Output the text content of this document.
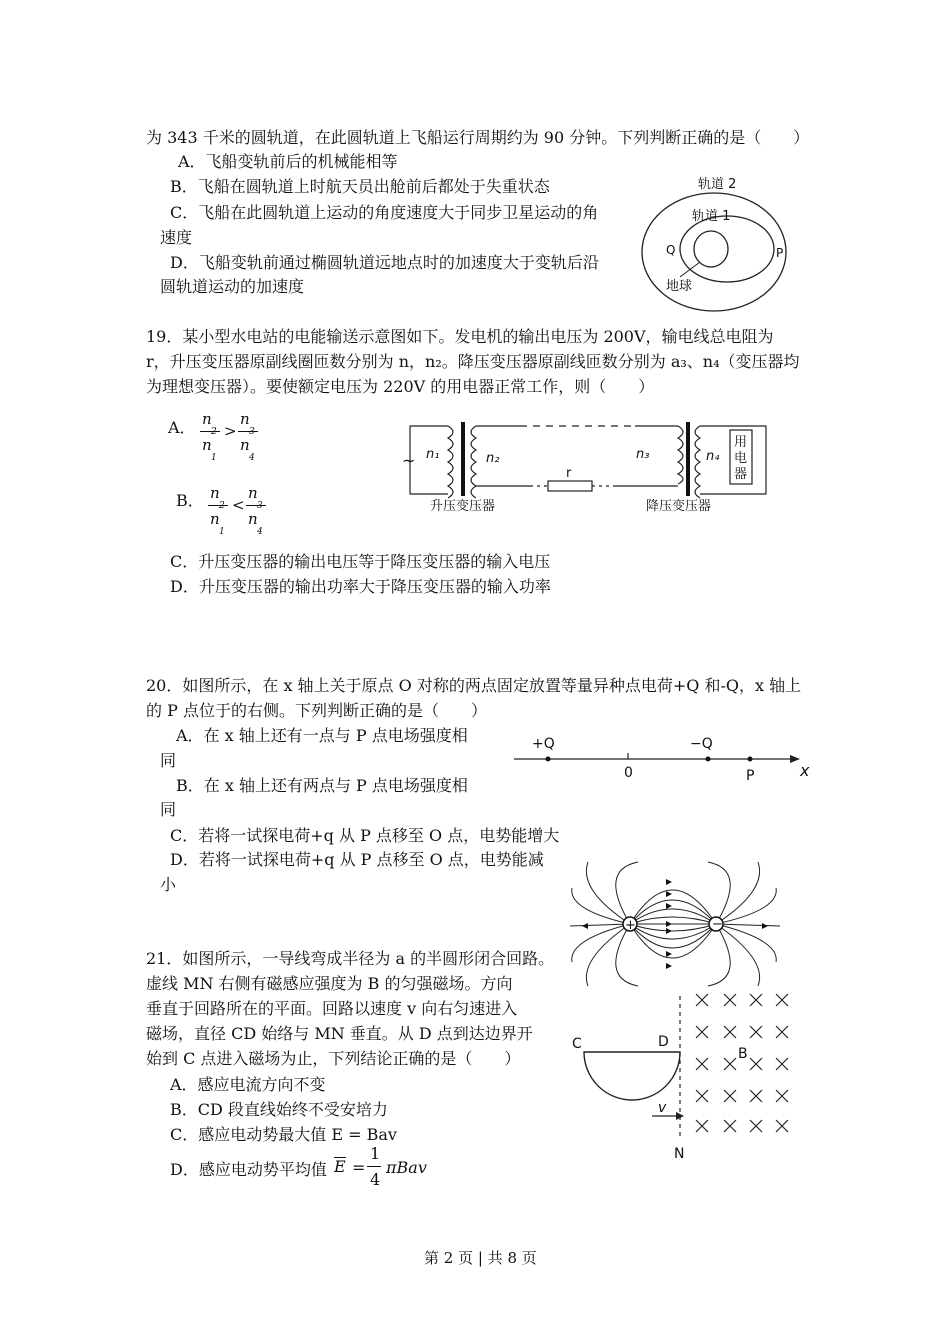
为 343 千米的圆轨道，在此圆轨道上飞船运行周期约为 90 分钟。下列判断正确的是（　　）
A．飞船变轨前后的机械能相等
B．飞船在圆轨道上时航天员出舱前后都处于失重状态
C．飞船在此圆轨道上运动的角度速度大于同步卫星运动的角
速度
D．飞船变轨前通过椭圆轨道远地点时的加速度大于变轨后沿
圆轨道运动的加速度
轨道 2
轨道 1
Q	P
地球
19．某小型水电站的电能输送示意图如下。发电机的输出电压为 200V，输电线总电阻为
r，升压变压器原副线圈匝数分别为 n，n₂。降压变压器原副线匝数分别为 a₃、n₄（变压器均
为理想变压器）。要使额定电压为 220V 的用电器正常工作，则（　　）
A． n
$_2$
n
$_1$
>
n
$_3$
n
$_4$
B． n
$_2$
n
$_1$
<
n
$_3$
n
$_4$
C．升压变压器的输出电压等于降压变压器的输入电压
D．升压变压器的输出功率大于降压变压器的输入功率
~ n₁	n₂
r
n₃	n₄
用
电
器
升压变压器	降压变压器
20．如图所示，在 x 轴上关于原点 O 对称的两点固定放置等量异种点电荷+Q 和-Q，x 轴上
的 P 点位于的右侧。下列判断正确的是（　　）
A．在 x 轴上还有一点与 P 点电场强度相
同
B．在 x 轴上还有两点与 P 点电场强度相
同
C．若将一试探电荷+q 从 P 点移至 O 点，电势能增大
D．若将一试探电荷+q 从 P 点移至 O 点，电势能减
小
+Q	−Q
0	P	x
+	−
21．如图所示，一导线弯成半径为 a 的半圆形闭合回路。
虚线 MN 右侧有磁感应强度为 B 的匀强磁场。方向
垂直于回路所在的平面。回路以速度 v 向右匀速进入
磁场，直径 CD 始络与 MN 垂直。从 D 点到达边界开
始到 C 点进入磁场为止，下列结论正确的是（　　）
A．感应电流方向不变
B．CD 段直线始终不受安培力
C．感应电动势最大值 E = Bav
D．感应电动势平均值 E =
1
4
πBav
C	D
v
N
B
第 2 页 | 共 8 页
